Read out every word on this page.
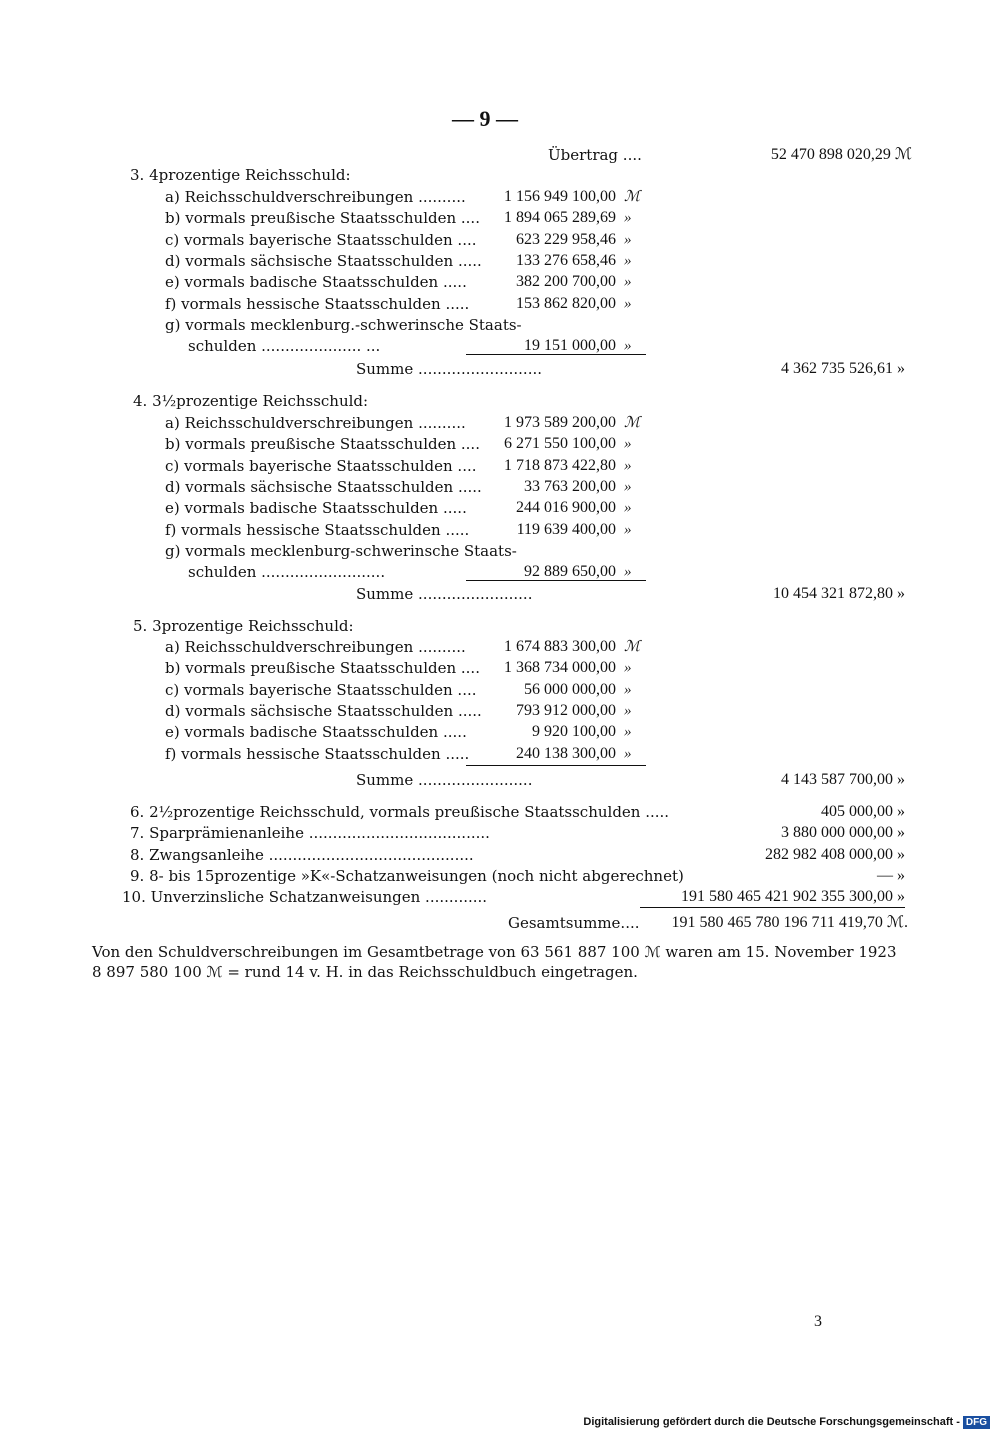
— 9 —
Übertrag ....	52 470 898 020,29 ℳ
3. 4prozentige Reichsschuld:
a) Reichsschuldverschreibungen .......... 1 156 949 100,00 ℳ
b) vormals preußische Staatsschulden .... 1 894 065 289,69 »
c) vormals bayerische Staatsschulden .... 623 229 958,46 »
d) vormals sächsische Staatsschulden ..... 133 276 658,46 »
e) vormals badische Staatsschulden .....	382 200 700,00 »
f) vormals hessische Staatsschulden .....	153 862 820,00 »
g) vormals mecklenburg.-schwerinsche Staats-
schulden ..................... ...	19 151 000,00 »
Summe ..........................	4 362 735 526,61 »
4. 3½prozentige Reichsschuld:
a) Reichsschuldverschreibungen .......... 1 973 589 200,00 ℳ
b) vormals preußische Staatsschulden .... 6 271 550 100,00 »
c) vormals bayerische Staatsschulden .... 1 718 873 422,80 »
d) vormals sächsische Staatsschulden .....	33 763 200,00 »
e) vormals badische Staatsschulden .....	244 016 900,00 »
f) vormals hessische Staatsschulden .....	119 639 400,00 »
g) vormals mecklenburg-schwerinsche Staats-
schulden ..........................	92 889 650,00 »
Summe ........................	10 454 321 872,80 »
5. 3prozentige Reichsschuld:
a) Reichsschuldverschreibungen .......... 1 674 883 300,00 ℳ
b) vormals preußische Staatsschulden .... 1 368 734 000,00 »
c) vormals bayerische Staatsschulden ....	56 000 000,00 »
d) vormals sächsische Staatsschulden ..... 793 912 000,00 »
e) vormals badische Staatsschulden .....	9 920 100,00 »
f) vormals hessische Staatsschulden .....	240 138 300,00 »
Summe ........................	4 143 587 700,00 »
6. 2½prozentige Reichsschuld, vormals preußische Staatsschulden .....	405 000,00 »
7. Sparprämienanleihe ......................................	3 880 000 000,00 »
8. Zwangsanleihe ...........................................	282 982 408 000,00 »
9. 8- bis 15prozentige »K«-Schatzanweisungen (noch nicht abgerechnet)	— »
10. Unverzinsliche Schatzanweisungen .............	191 580 465 421 902 355 300,00 »
Gesamtsumme.... 191 580 465 780 196 711 419,70 ℳ.
Von den Schuldverschreibungen im Gesamtbetrage von 63 561 887 100 ℳ waren am 15. November 1923
8 897 580 100 ℳ = rund 14 v. H. in das Reichsschuldbuch eingetragen.
3
Digitalisierung gefördert durch die Deutsche Forschungsgemeinschaft - DFG
